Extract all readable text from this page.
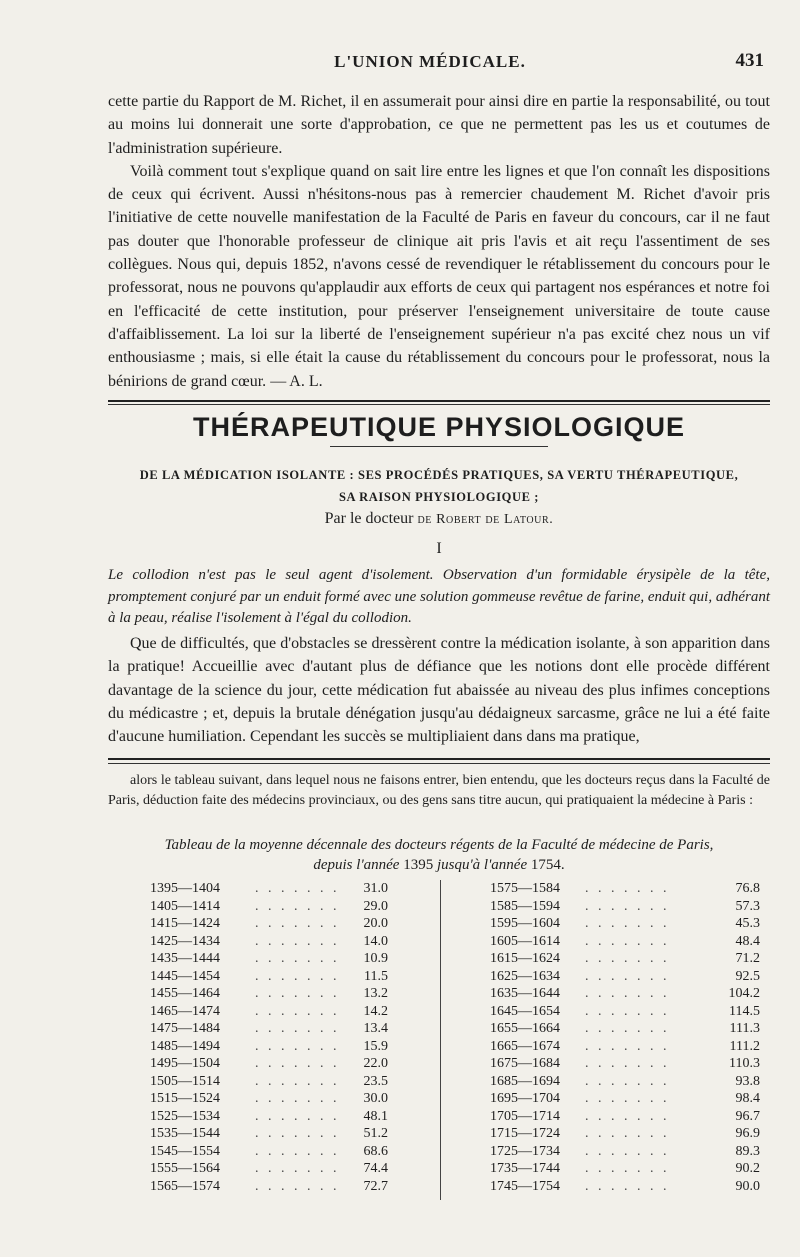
L'UNION MÉDICALE.	431

cette partie du Rapport de M. Richet, il en assumerait pour ainsi dire en partie la responsabilité, ou tout au moins lui donnerait une sorte d'approbation, ce que ne permettent pas les us et coutumes de l'administration supérieure.

Voilà comment tout s'explique quand on sait lire entre les lignes et que l'on connaît les dispositions de ceux qui écrivent. Aussi n'hésitons-nous pas à remercier chaudement M. Richet d'avoir pris l'initiative de cette nouvelle manifestation de la Faculté de Paris en faveur du concours, car il ne faut pas douter que l'honorable professeur de clinique ait pris l'avis et ait reçu l'assentiment de ses collègues. Nous qui, depuis 1852, n'avons cessé de revendiquer le rétablissement du concours pour le professorat, nous ne pouvons qu'applaudir aux efforts de ceux qui partagent nos espérances et notre foi en l'efficacité de cette institution, pour préserver l'enseignement universitaire de toute cause d'affaiblissement. La loi sur la liberté de l'enseignement supérieur n'a pas excité chez nous un vif enthousiasme ; mais, si elle était la cause du rétablissement du concours pour le professorat, nous la bénirions de grand cœur. — A. L.

THÉRAPEUTIQUE PHYSIOLOGIQUE
DE LA MÉDICATION ISOLANTE : SES PROCÉDÉS PRATIQUES, SA VERTU THÉRAPEUTIQUE,
SA RAISON PHYSIOLOGIQUE ;
Par le docteur de Robert de Latour.
I
Le collodion n'est pas le seul agent d'isolement. Observation d'un formidable érysipèle de la tête, promptement conjuré par un enduit formé avec une solution gommeuse revêtue de farine, enduit qui, adhérant à la peau, réalise l'isolement à l'égal du collodion.
Que de difficultés, que d'obstacles se dressèrent contre la médication isolante, à son apparition dans la pratique! Accueillie avec d'autant plus de défiance que les notions dont elle procède différent davantage de la science du jour, cette médication fut abaissée au niveau des plus infimes conceptions du médicastre ; et, depuis la brutale dénégation jusqu'au dédaigneux sarcasme, grâce ne lui a été faite d'aucune humiliation. Cependant les succès se multipliaient dans dans ma pratique,
alors le tableau suivant, dans lequel nous ne faisons entrer, bien entendu, que les docteurs reçus dans la Faculté de Paris, déduction faite des médecins provinciaux, ou des gens sans titre aucun, qui pratiquaient la médecine à Paris :
Tableau de la moyenne décennale des docteurs régents de la Faculté de médecine de Paris,
depuis l'année 1395 jusqu'à l'année 1754.
1395—1404	. . . . . . . 31.0
1405—1414	. . . . . . . 29.0
1415—1424	. . . . . . . 20.0
1425—1434	. . . . . . . 14.0
1435—1444	. . . . . . . 10.9
1445—1454	. . . . . . . 11.5
1455—1464	. . . . . . . 13.2
1465—1474	. . . . . . . 14.2
1475—1484	. . . . . . . 13.4
1485—1494	. . . . . . . 15.9
1495—1504	. . . . . . . 22.0
1505—1514	. . . . . . . 23.5
1515—1524	. . . . . . . 30.0
1525—1534	. . . . . . . 48.1
1535—1544	. . . . . . . 51.2
1545—1554	. . . . . . . 68.6
1555—1564	. . . . . . . 74.4
1565—1574	. . . . . . . 72.7
1575—1584 . . . . . . .	76.8
1585—1594 . . . . . . .	57.3
1595—1604 . . . . . . .	45.3
1605—1614 . . . . . . .	48.4
1615—1624 . . . . . . .	71.2
1625—1634 . . . . . . .	92.5
1635—1644 . . . . . . .	104.2
1645—1654 . . . . . . .	114.5
1655—1664 . . . . . . .	111.3
1665—1674 . . . . . . .	111.2
1675—1684 . . . . . . .	110.3
1685—1694 . . . . . . .	93.8
1695—1704 . . . . . . .	98.4
1705—1714 . . . . . . .	96.7
1715—1724 . . . . . . .	96.9
1725—1734 . . . . . . .	89.3
1735—1744 . . . . . . .	90.2
1745—1754 . . . . . . .	90.0
